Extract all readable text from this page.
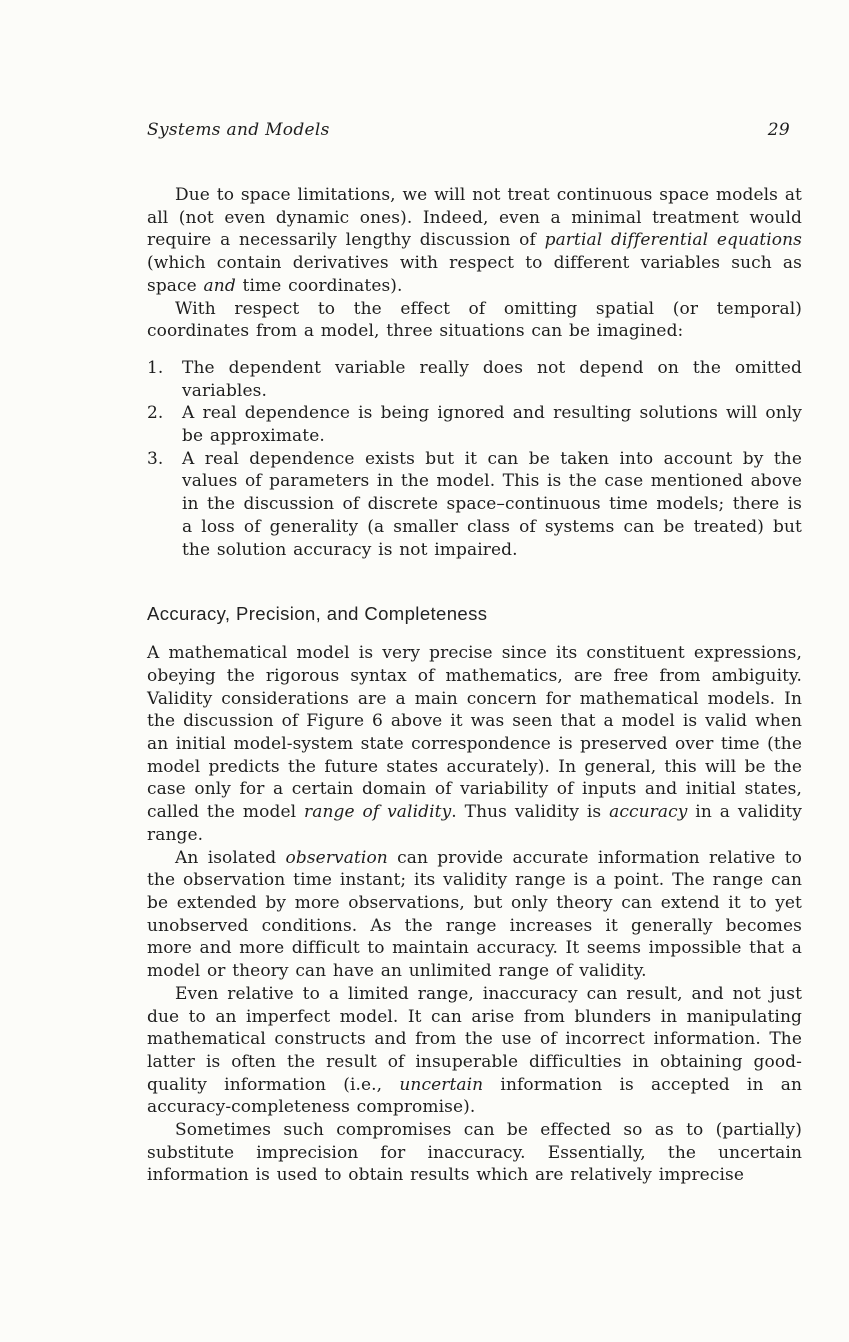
Systems and Models	29

Due to space limitations, we will not treat continuous space models at all (not even dynamic ones). Indeed, even a minimal treatment would require a necessarily lengthy discussion of partial differential equations (which contain derivatives with respect to different variables such as space and time coordinates).

With respect to the effect of omitting spatial (or temporal) coordinates from a model, three situations can be imagined:

1.	The dependent variable really does not depend on the omitted variables.
2.	A real dependence is being ignored and resulting solutions will only be approximate.
3.	A real dependence exists but it can be taken into account by the values of parameters in the model. This is the case mentioned above in the discussion of discrete space–continuous time models; there is a loss of generality (a smaller class of systems can be treated) but the solution accuracy is not impaired.
Accuracy, Precision, and Completeness

A mathematical model is very precise since its constituent expressions, obeying the rigorous syntax of mathematics, are free from ambiguity. Validity considerations are a main concern for mathematical models. In the discussion of Figure 6 above it was seen that a model is valid when an initial model-system state correspondence is preserved over time (the model predicts the future states accurately). In general, this will be the case only for a certain domain of variability of inputs and initial states, called the model range of validity. Thus validity is accuracy in a validity range.

An isolated observation can provide accurate information relative to the observation time instant; its validity range is a point. The range can be extended by more observations, but only theory can extend it to yet unobserved conditions. As the range increases it generally becomes more and more difficult to maintain accuracy. It seems impossible that a model or theory can have an unlimited range of validity.

Even relative to a limited range, inaccuracy can result, and not just due to an imperfect model. It can arise from blunders in manipulating mathematical constructs and from the use of incorrect information. The latter is often the result of insuperable difficulties in obtaining good-quality information (i.e., uncertain information is accepted in an accuracy-completeness compromise).

Sometimes such compromises can be effected so as to (partially) substitute imprecision for inaccuracy. Essentially, the uncertain information is used to obtain results which are relatively imprecise
